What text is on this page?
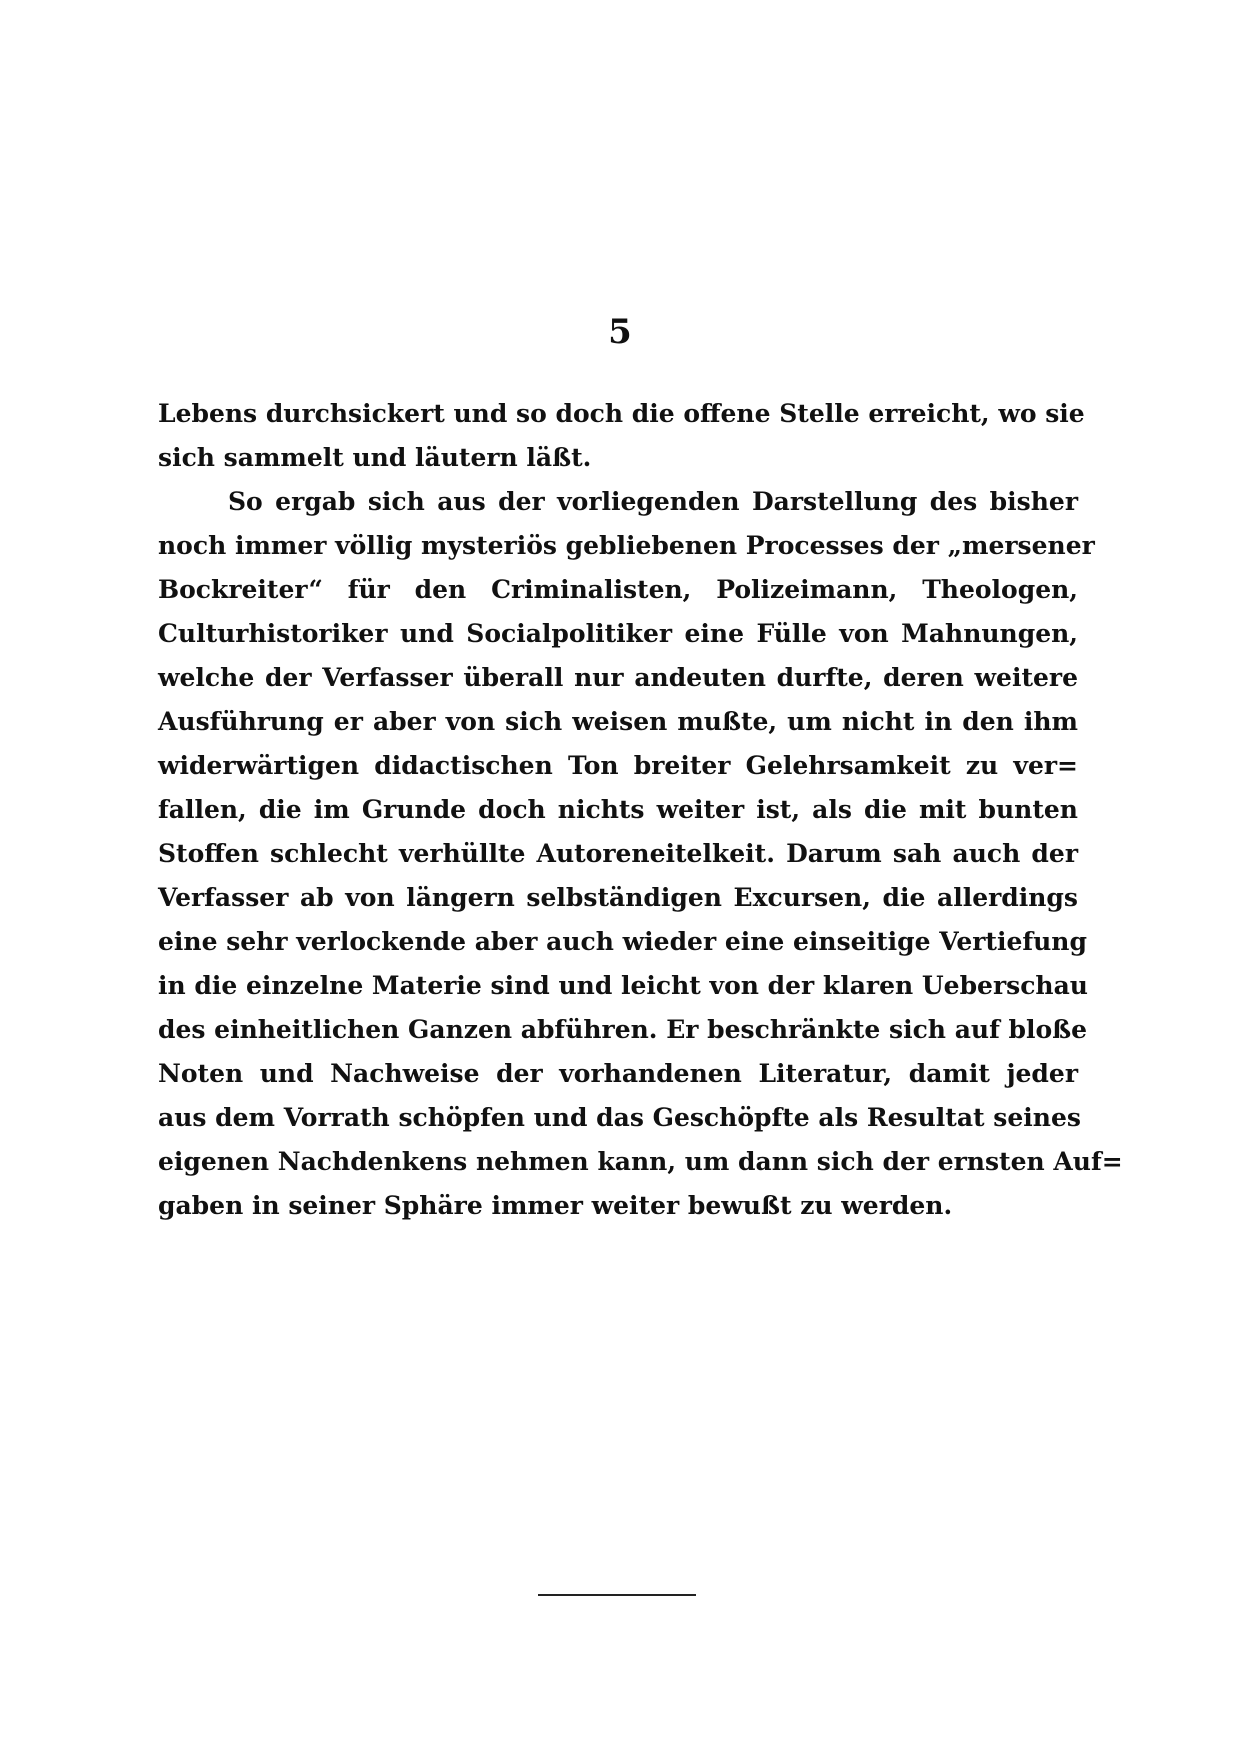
5
Lebens durchsickert und so doch die offene Stelle erreicht, wo sie
sich sammelt und läutern läßt.
So ergab sich aus der vorliegenden Darstellung des bisher
noch immer völlig mysteriös gebliebenen Processes der „mersener
Bockreiter“ für den Criminalisten, Polizeimann, Theologen,
Culturhistoriker und Socialpolitiker eine Fülle von Mahnungen,
welche der Verfasser überall nur andeuten durfte, deren weitere
Ausführung er aber von sich weisen mußte, um nicht in den ihm
widerwärtigen didactischen Ton breiter Gelehrsamkeit zu ver=
fallen, die im Grunde doch nichts weiter ist, als die mit bunten
Stoffen schlecht verhüllte Autoreneitelkeit. Darum sah auch der
Verfasser ab von längern selbständigen Excursen, die allerdings
eine sehr verlockende aber auch wieder eine einseitige Vertiefung
in die einzelne Materie sind und leicht von der klaren Ueberschau
des einheitlichen Ganzen abführen. Er beschränkte sich auf bloße
Noten und Nachweise der vorhandenen Literatur, damit jeder
aus dem Vorrath schöpfen und das Geschöpfte als Resultat seines
eigenen Nachdenkens nehmen kann, um dann sich der ernsten Auf=
gaben in seiner Sphäre immer weiter bewußt zu werden.
